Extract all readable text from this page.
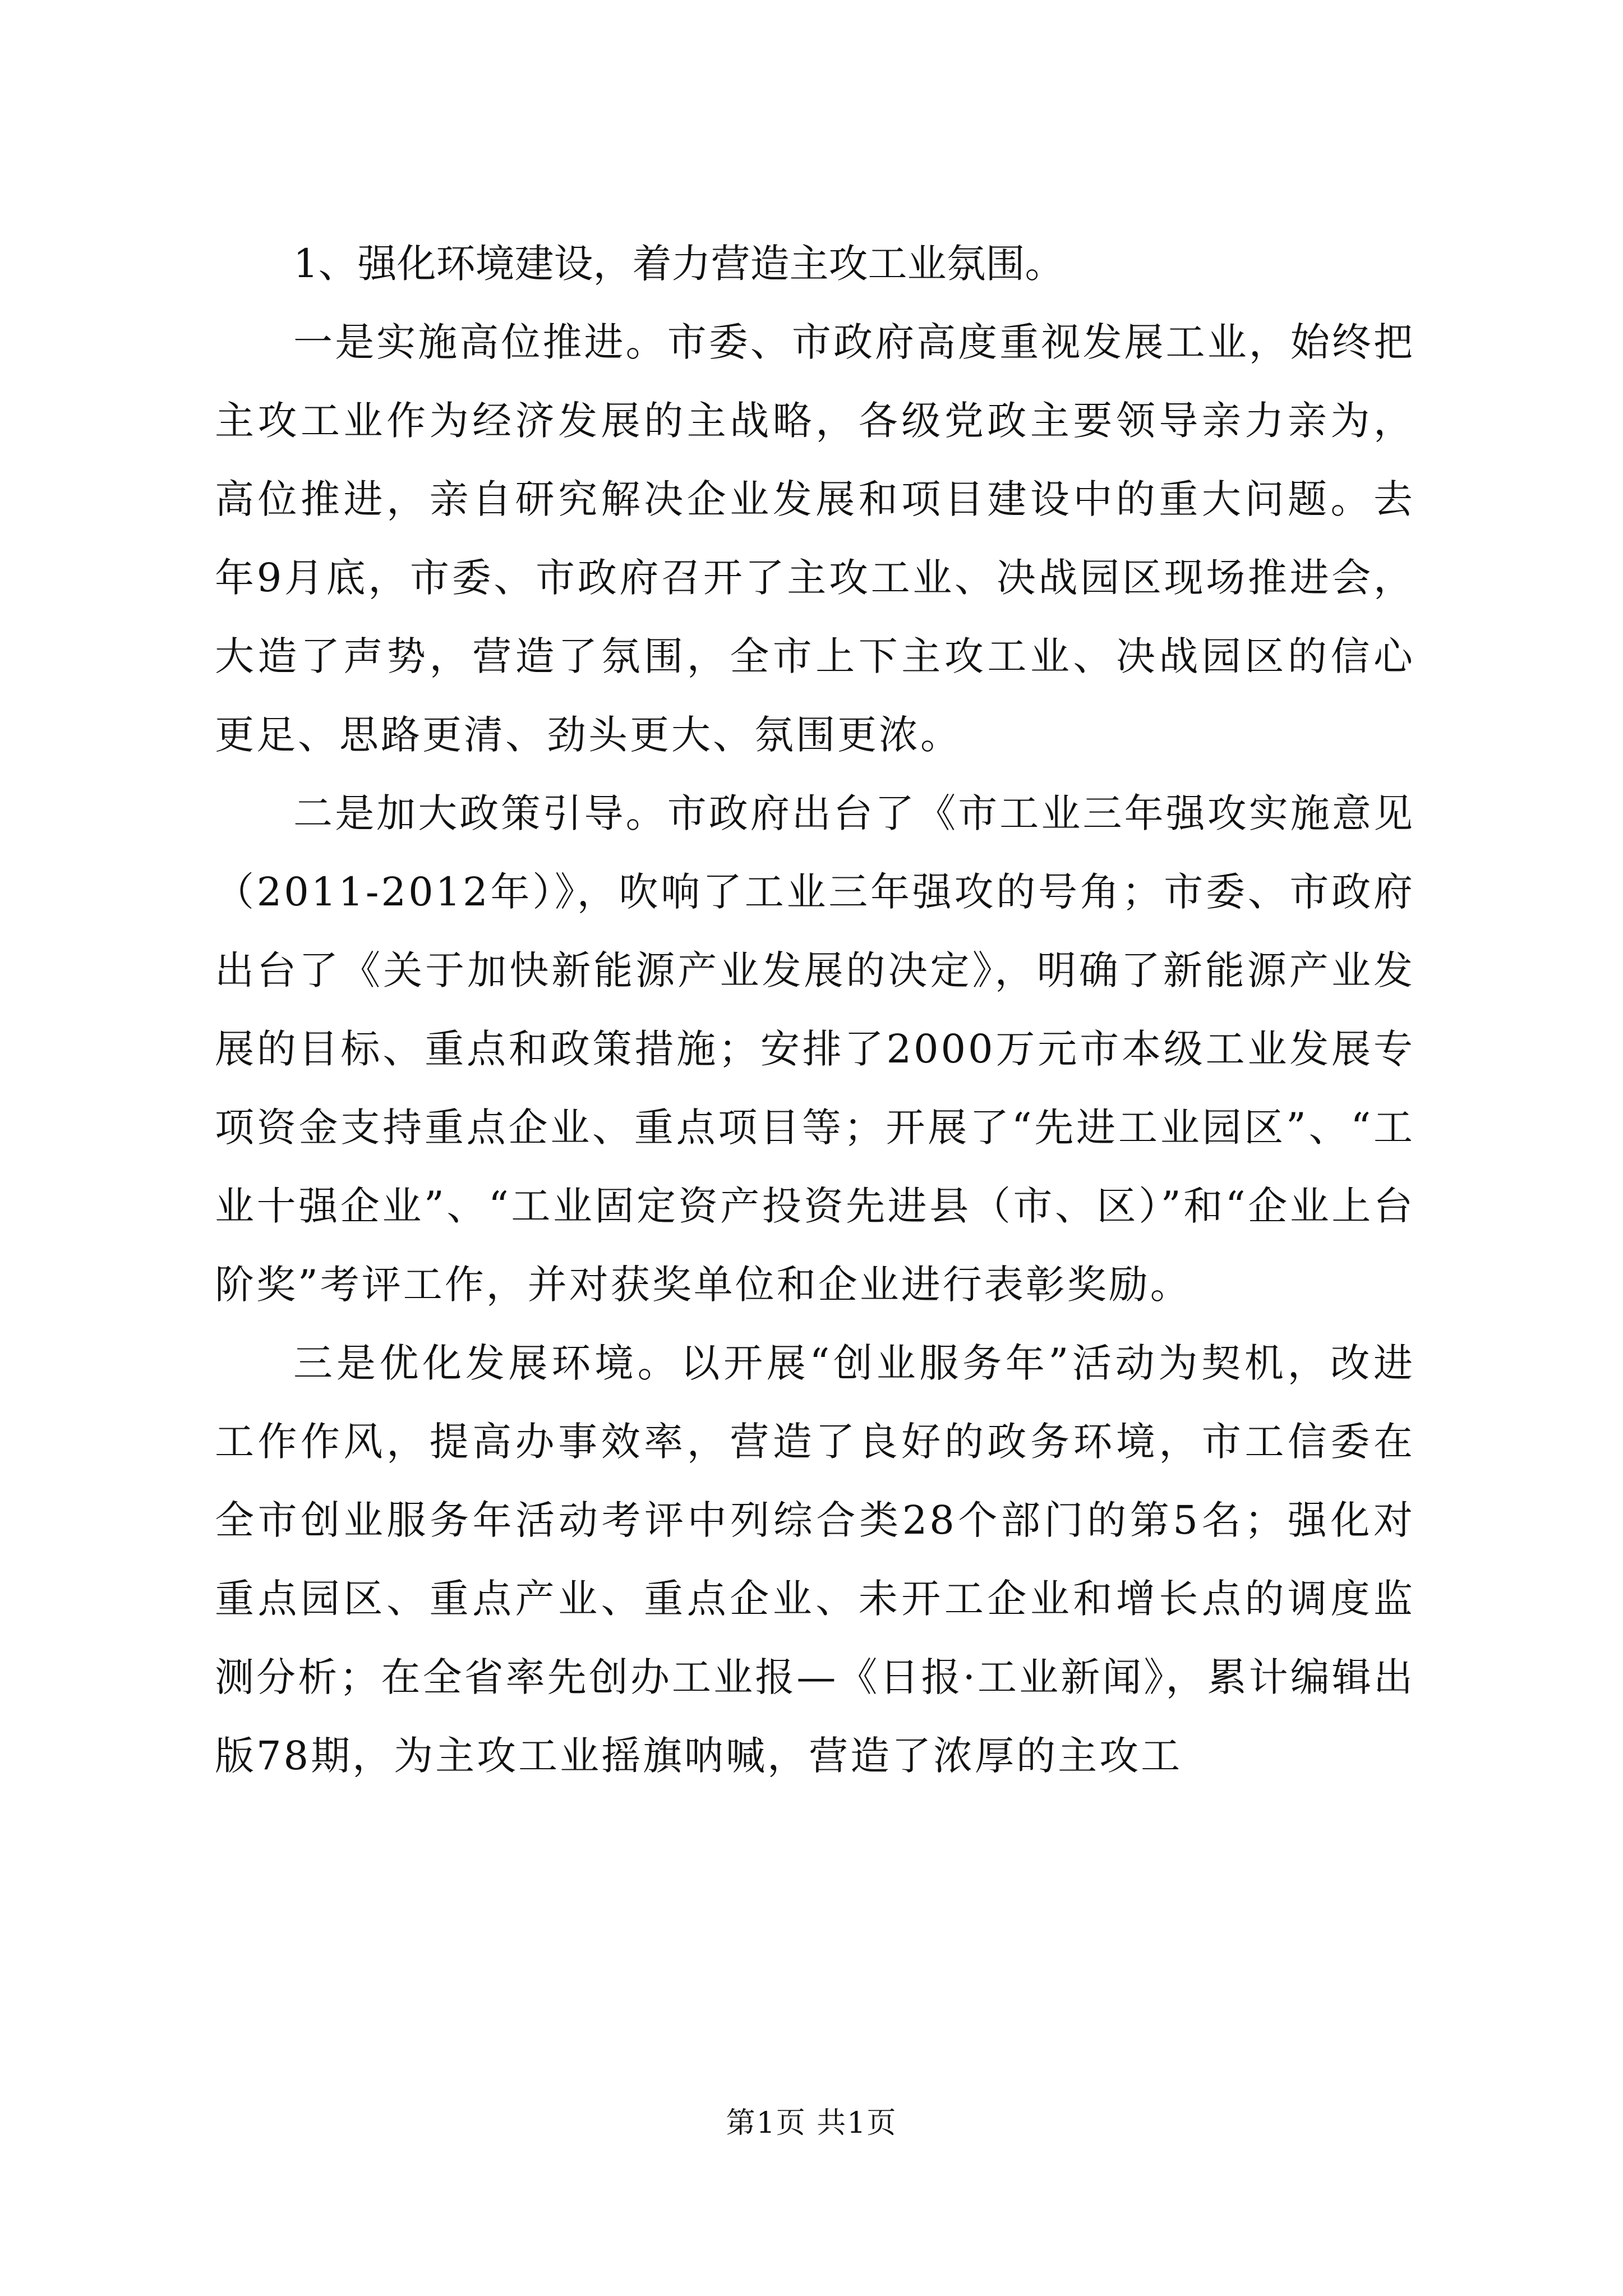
1、强化环境建设，着力营造主攻工业氛围。

一是实施高位推进。市委、市政府高度重视发展工业，始终把主攻工业作为经济发展的主战略，各级党政主要领导亲力亲为，高位推进，亲自研究解决企业发展和项目建设中的重大问题。去年9月底，市委、市政府召开了主攻工业、决战园区现场推进会，大造了声势，营造了氛围，全市上下主攻工业、决战园区的信心更足、思路更清、劲头更大、氛围更浓。

二是加大政策引导。市政府出台了《市工业三年强攻实施意见（2011-2012年）》，吹响了工业三年强攻的号角；市委、市政府出台了《关于加快新能源产业发展的决定》，明确了新能源产业发展的目标、重点和政策措施；安排了2000万元市本级工业发展专项资金支持重点企业、重点项目等；开展了“先进工业园区”、“工业十强企业”、“工业固定资产投资先进县（市、区）”和“企业上台阶奖”考评工作，并对获奖单位和企业进行表彰奖励。

三是优化发展环境。以开展“创业服务年”活动为契机，改进工作作风，提高办事效率，营造了良好的政务环境，市工信委在全市创业服务年活动考评中列综合类28个部门的第5名；强化对重点园区、重点产业、重点企业、未开工企业和增长点的调度监测分析；在全省率先创办工业报—《日报·工业新闻》，累计编辑出版78期，为主攻工业摇旗呐喊，营造了浓厚的主攻工

第1页 共1页
